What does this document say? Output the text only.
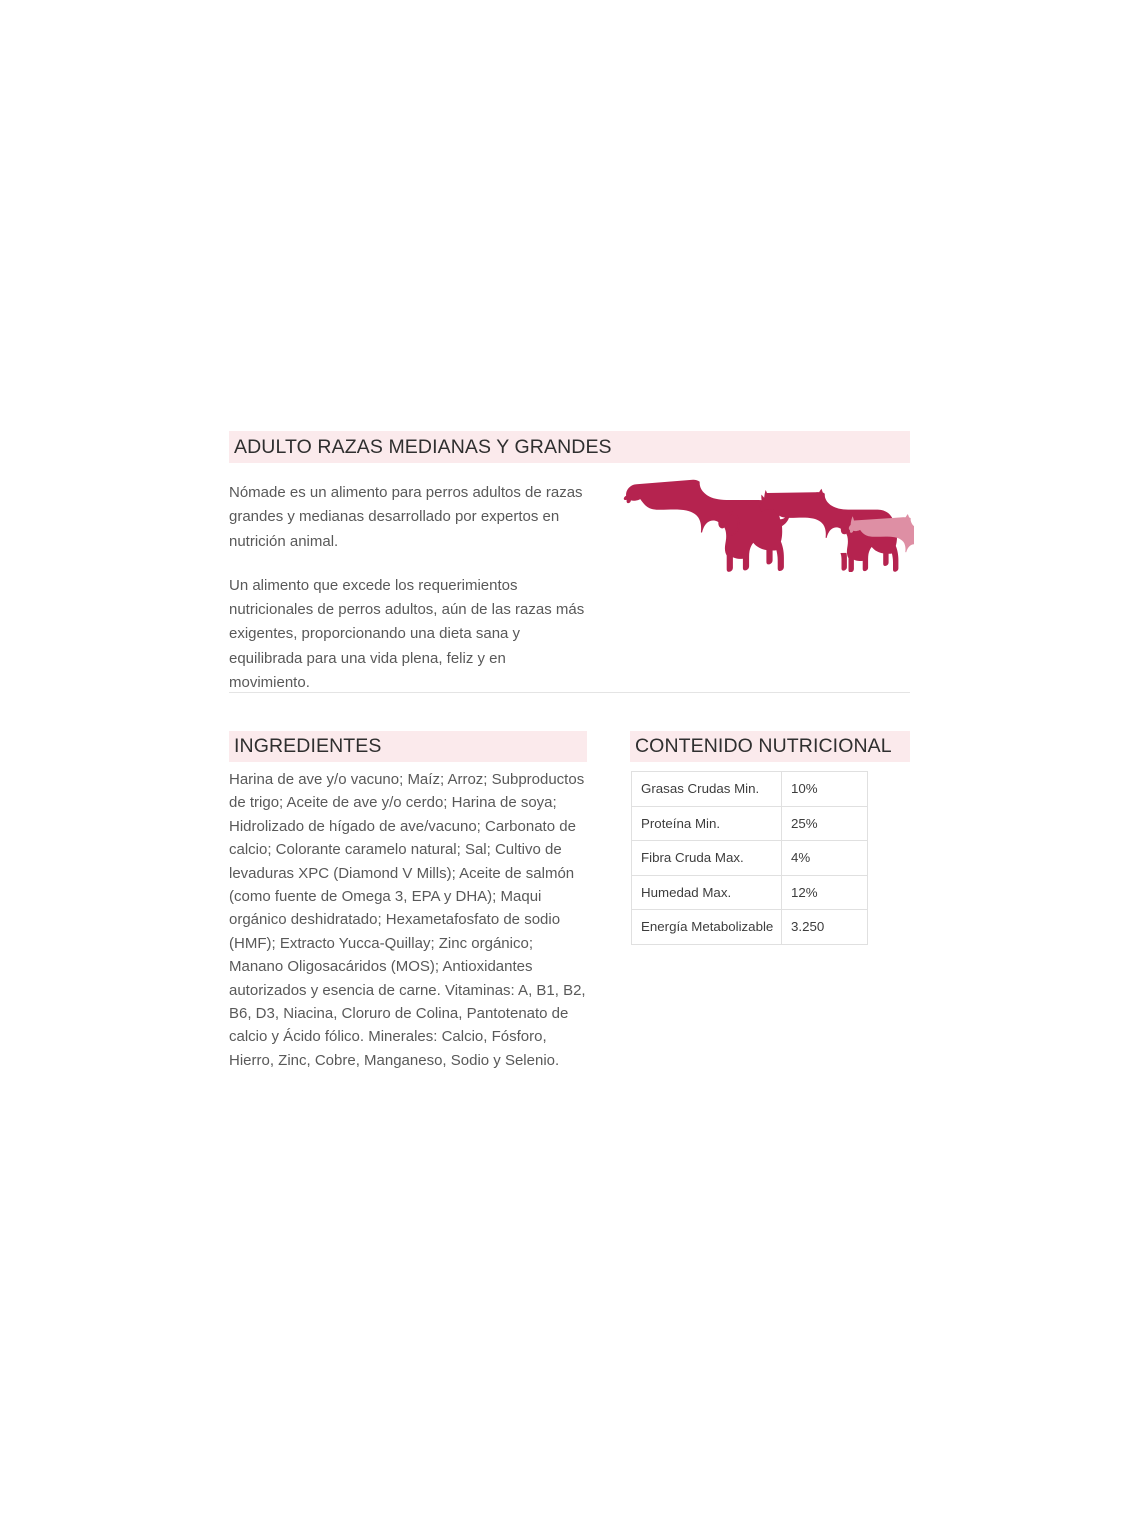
ADULTO RAZAS MEDIANAS Y GRANDES

Nómade es un alimento para perros adultos de razas grandes y medianas desarrollado por expertos en nutrición animal.

Un alimento que excede los requerimientos nutricionales de perros adultos, aún de las razas más exigentes, proporcionando una dieta sana y equilibrada para una vida plena, feliz y en movimiento.

INGREDIENTES
Harina de ave y/o vacuno; Maíz; Arroz; Subproductos de trigo; Aceite de ave y/o cerdo; Harina de soya; Hidrolizado de hígado de ave/vacuno; Carbonato de calcio; Colorante caramelo natural; Sal; Cultivo de levaduras XPC (Diamond V Mills); Aceite de salmón (como fuente de Omega 3, EPA y DHA); Maqui orgánico deshidratado; Hexametafosfato de sodio (HMF); Extracto Yucca-Quillay; Zinc orgánico; Manano Oligosacáridos (MOS); Antioxidantes autorizados y esencia de carne. Vitaminas: A, B1, B2, B6, D3, Niacina, Cloruro de Colina, Pantotenato de calcio y Ácido fólico. Minerales: Calcio, Fósforo, Hierro, Zinc, Cobre, Manganeso, Sodio y Selenio.
CONTENIDO NUTRICIONAL
Grasas Crudas Min.	10%
Proteína Min.	25%
Fibra Cruda Max.	4%
Humedad Max.	12%
Energía Metabolizable	3.250
